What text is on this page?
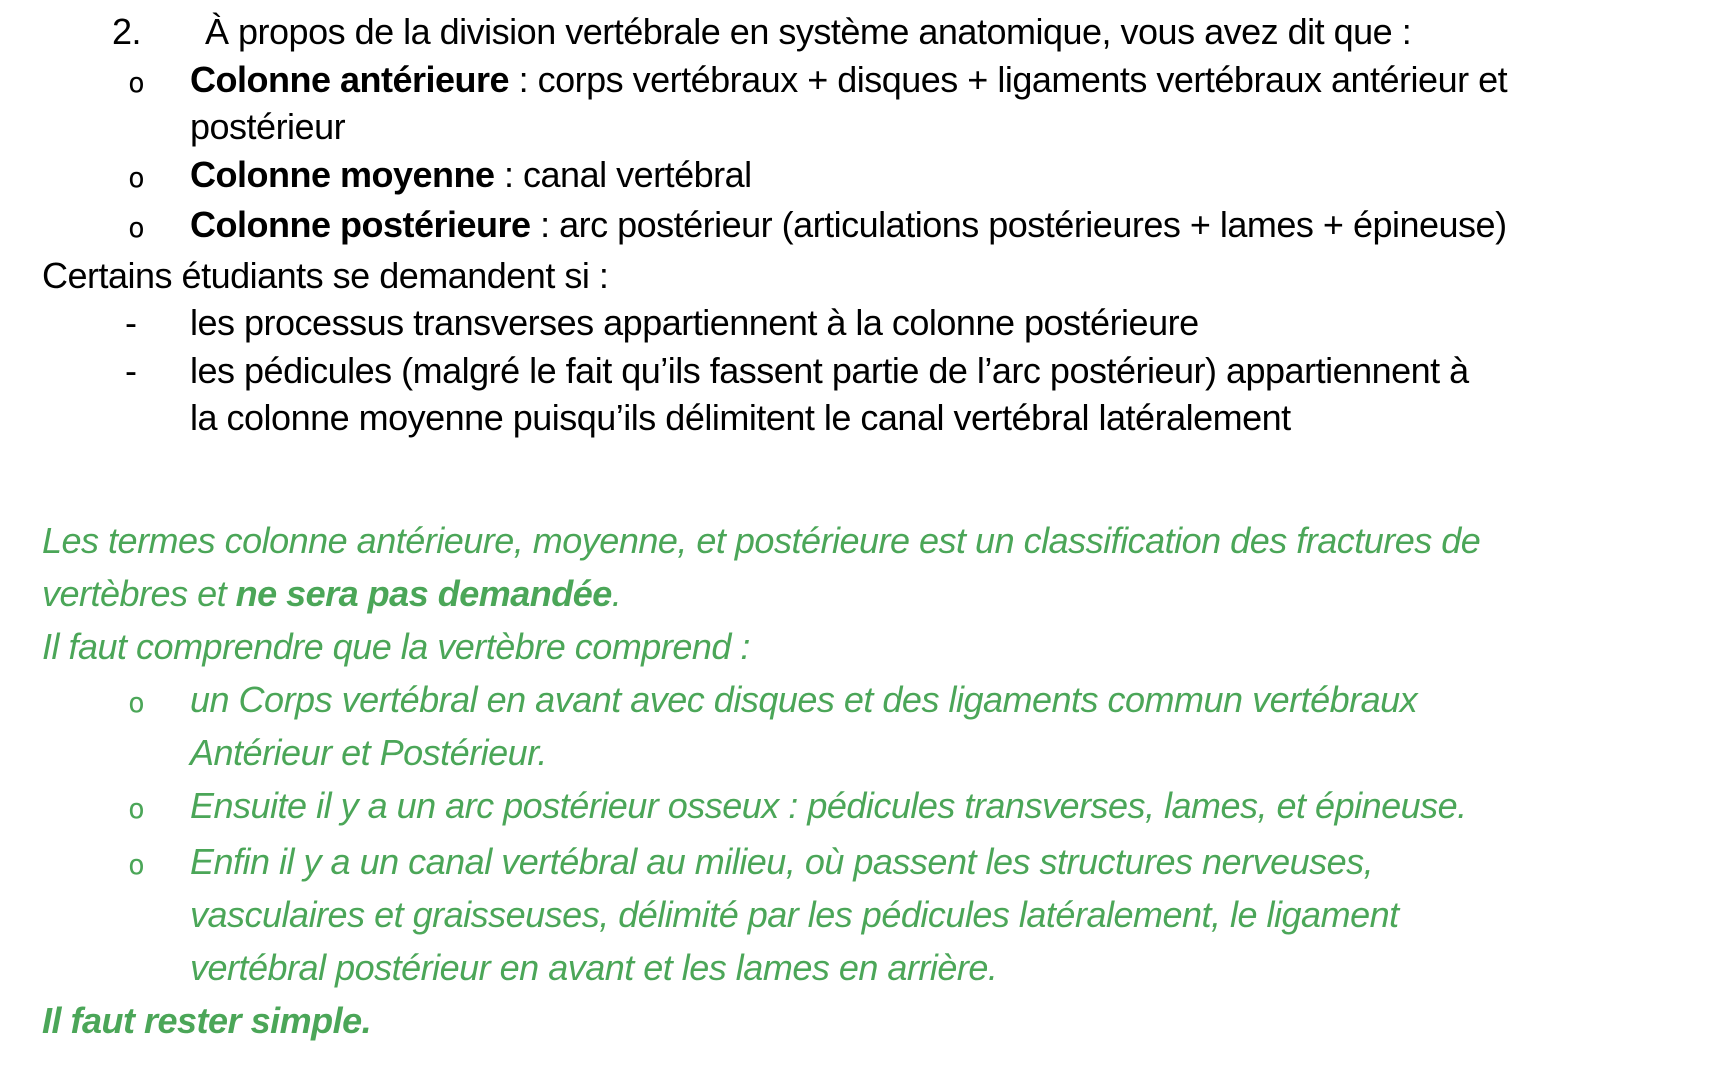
2.	À propos de la division vertébrale en système anatomique, vous avez dit que :
o	Colonne antérieure : corps vertébraux + disques + ligaments vertébraux antérieur et
postérieur
o	Colonne moyenne : canal vertébral
o	Colonne postérieure : arc postérieur (articulations postérieures + lames + épineuse)
Certains étudiants se demandent si :
-	les processus transverses appartiennent à la colonne postérieure
-	les pédicules (malgré le fait qu’ils fassent partie de l’arc postérieur) appartiennent à
la colonne moyenne puisqu’ils délimitent le canal vertébral latéralement
Les termes colonne antérieure, moyenne, et postérieure est un classification des fractures de
vertèbres et ne sera pas demandée.
Il faut comprendre que la vertèbre comprend :
o	un Corps vertébral en avant avec disques et des ligaments commun vertébraux
Antérieur et Postérieur.
o	Ensuite il y a un arc postérieur osseux : pédicules transverses, lames, et épineuse.
o	Enfin il y a un canal vertébral au milieu, où passent les structures nerveuses,
vasculaires et graisseuses, délimité par les pédicules latéralement, le ligament
vertébral postérieur en avant et les lames en arrière.
Il faut rester simple.
